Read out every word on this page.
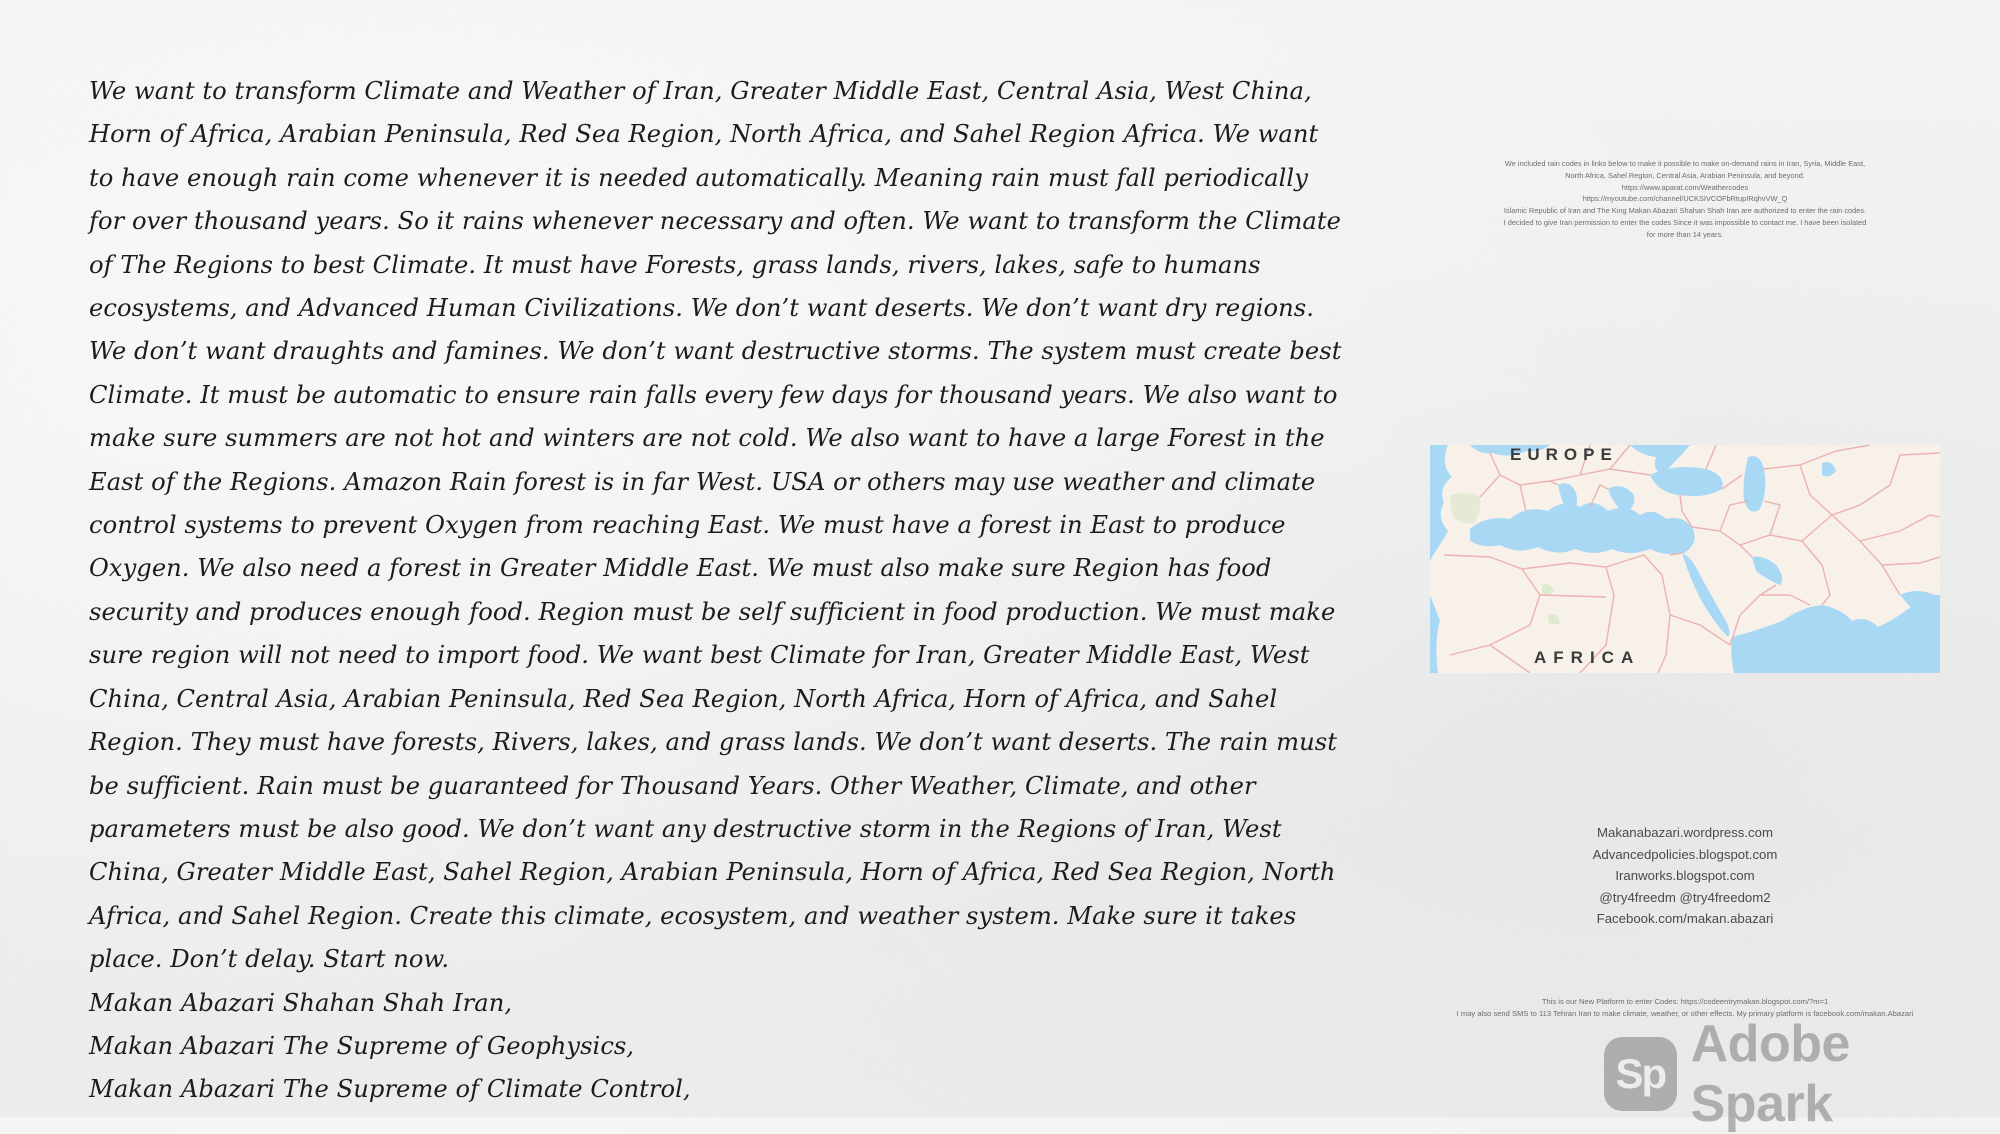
We want to transform Climate and Weather of Iran, Greater Middle East, Central Asia, West China, Horn of Africa, Arabian Peninsula, Red Sea Region, North Africa, and Sahel Region Africa. We want to have enough rain come whenever it is needed automatically. Meaning rain must fall periodically for over thousand years. So it rains whenever necessary and often. We want to transform the Climate of The Regions to best Climate. It must have Forests, grass lands, rivers, lakes, safe to humans ecosystems, and Advanced Human Civilizations. We don’t want deserts. We don’t want dry regions. We don’t want draughts and famines. We don’t want destructive storms. The system must create best Climate. It must be automatic to ensure rain falls every few days for thousand years. We also want to make sure summers are not hot and winters are not cold. We also want to have a large Forest in the East of the Regions. Amazon Rain forest is in far West. USA or others may use weather and climate control systems to prevent Oxygen from reaching East. We must have a forest in East to produce Oxygen. We also need a forest in Greater Middle East. We must also make sure Region has food security and produces enough food. Region must be self sufficient in food production. We must make sure region will not need to import food. We want best Climate for Iran, Greater Middle East, West China, Central Asia, Arabian Peninsula, Red Sea Region, North Africa, Horn of Africa, and Sahel Region. They must have forests, Rivers, lakes, and grass lands. We don’t want deserts. The rain must be sufficient. Rain must be guaranteed for Thousand Years. Other Weather, Climate, and other parameters must be also good. We don’t want any destructive storm in the Regions of Iran, West China, Greater Middle East, Sahel Region, Arabian Peninsula, Horn of Africa, Red Sea Region, North Africa, and Sahel Region. Create this climate, ecosystem, and weather system. Make sure it takes place. Don’t delay. Start now.

Makan Abazari Shahan Shah Iran,

Makan Abazari The Supreme of Geophysics,

Makan Abazari The Supreme of Climate Control,

We included rain codes in links below to make it possible to make on-demand rains in Iran, Syria, Middle East,
North Africa, Sahel Region, Central Asia, Arabian Peninsula, and beyond.
https://www.aparat.com/Weathercodes
https://myoutube.com/channel/UCKSIVCOFbRtupIRqhvVW_Q
Islamic Republic of Iran and The King Makan Abazari Shahan Shah Iran are authorized to enter the rain codes.
I decided to give Iran permission to enter the codes Since it was impossible to contact me. I have been isolated
for more than 14 years.
EUROPE
AFRICA
Makanabazari.wordpress.com
Advancedpolicies.blogspot.com
Iranworks.blogspot.com
@try4freedm @try4freedom2
Facebook.com/makan.abazari
This is our New Platform to enter Codes: https://codeentrymakan.blogspot.com/?m=1
I may also send SMS to 113 Tehran Iran to make climate, weather, or other effects. My primary platform is facebook.com/makan.Abazari
Sp
Adobe Spark
